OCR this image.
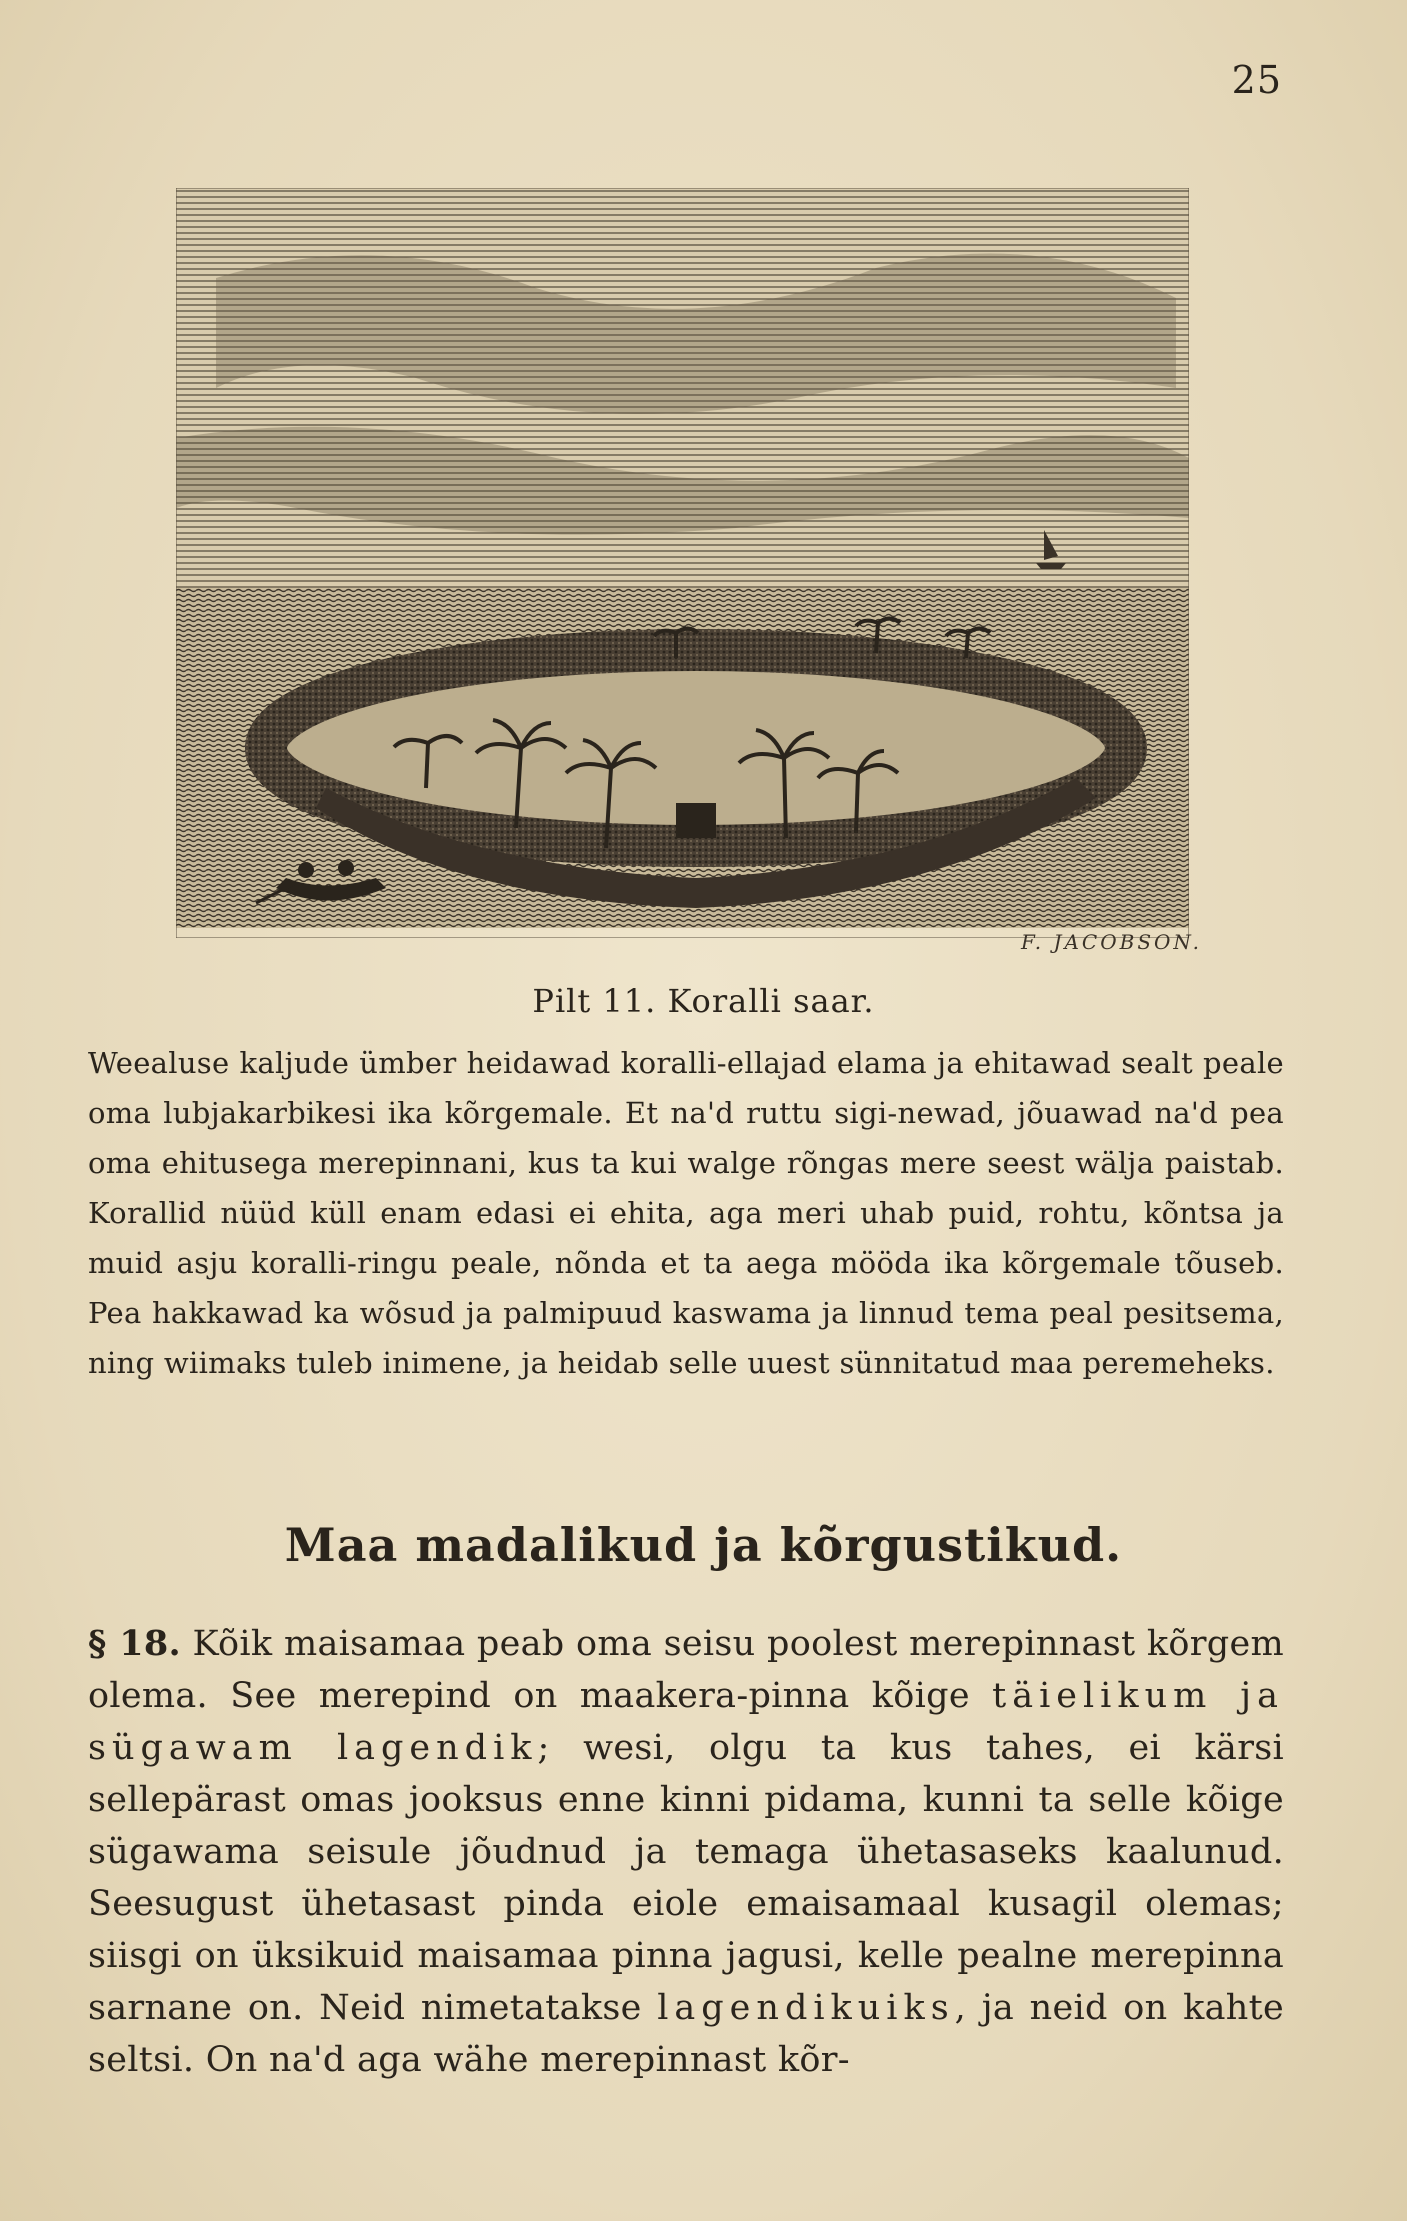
25
F. JACOBSON.
Pilt 11. Koralli saar.

Weealuse kaljude ümber heidawad koralli-ellajad elama ja ehitawad sealt peale oma lubjakarbikesi ika kõrgemale. Et na'd ruttu sigi-newad, jõuawad na'd pea oma ehitusega merepinnani, kus ta kui walge rõngas mere seest wälja paistab. Korallid nüüd küll enam edasi ei ehita, aga meri uhab puid, rohtu, kõntsa ja muid asju koralli-ringu peale, nõnda et ta aega mööda ika kõrgemale tõuseb. Pea hakkawad ka wõsud ja palmipuud kaswama ja linnud tema peal pesitsema, ning wiimaks tuleb inimene, ja heidab selle uuest sünnitatud maa peremeheks.

Maa madalikud ja kõrgustikud.

§ 18. Kõik maisamaa peab oma seisu poolest merepinnast kõrgem olema. See merepind on maakera-pinna kõige täielikum ja sügawam lagendik; wesi, olgu ta kus tahes, ei kärsi sellepärast omas jooksus enne kinni pidama, kunni ta selle kõige sügawama seisule jõudnud ja temaga ühetasaseks kaalunud. Seesugust ühetasast pinda eiole emaisamaal kusagil olemas; siisgi on üksikuid maisamaa pinna jagusi, kelle pealne merepinna sarnane on. Neid nimetatakse lagendikuiks, ja neid on kahte seltsi. On na'd aga wähe merepinnast kõr-
